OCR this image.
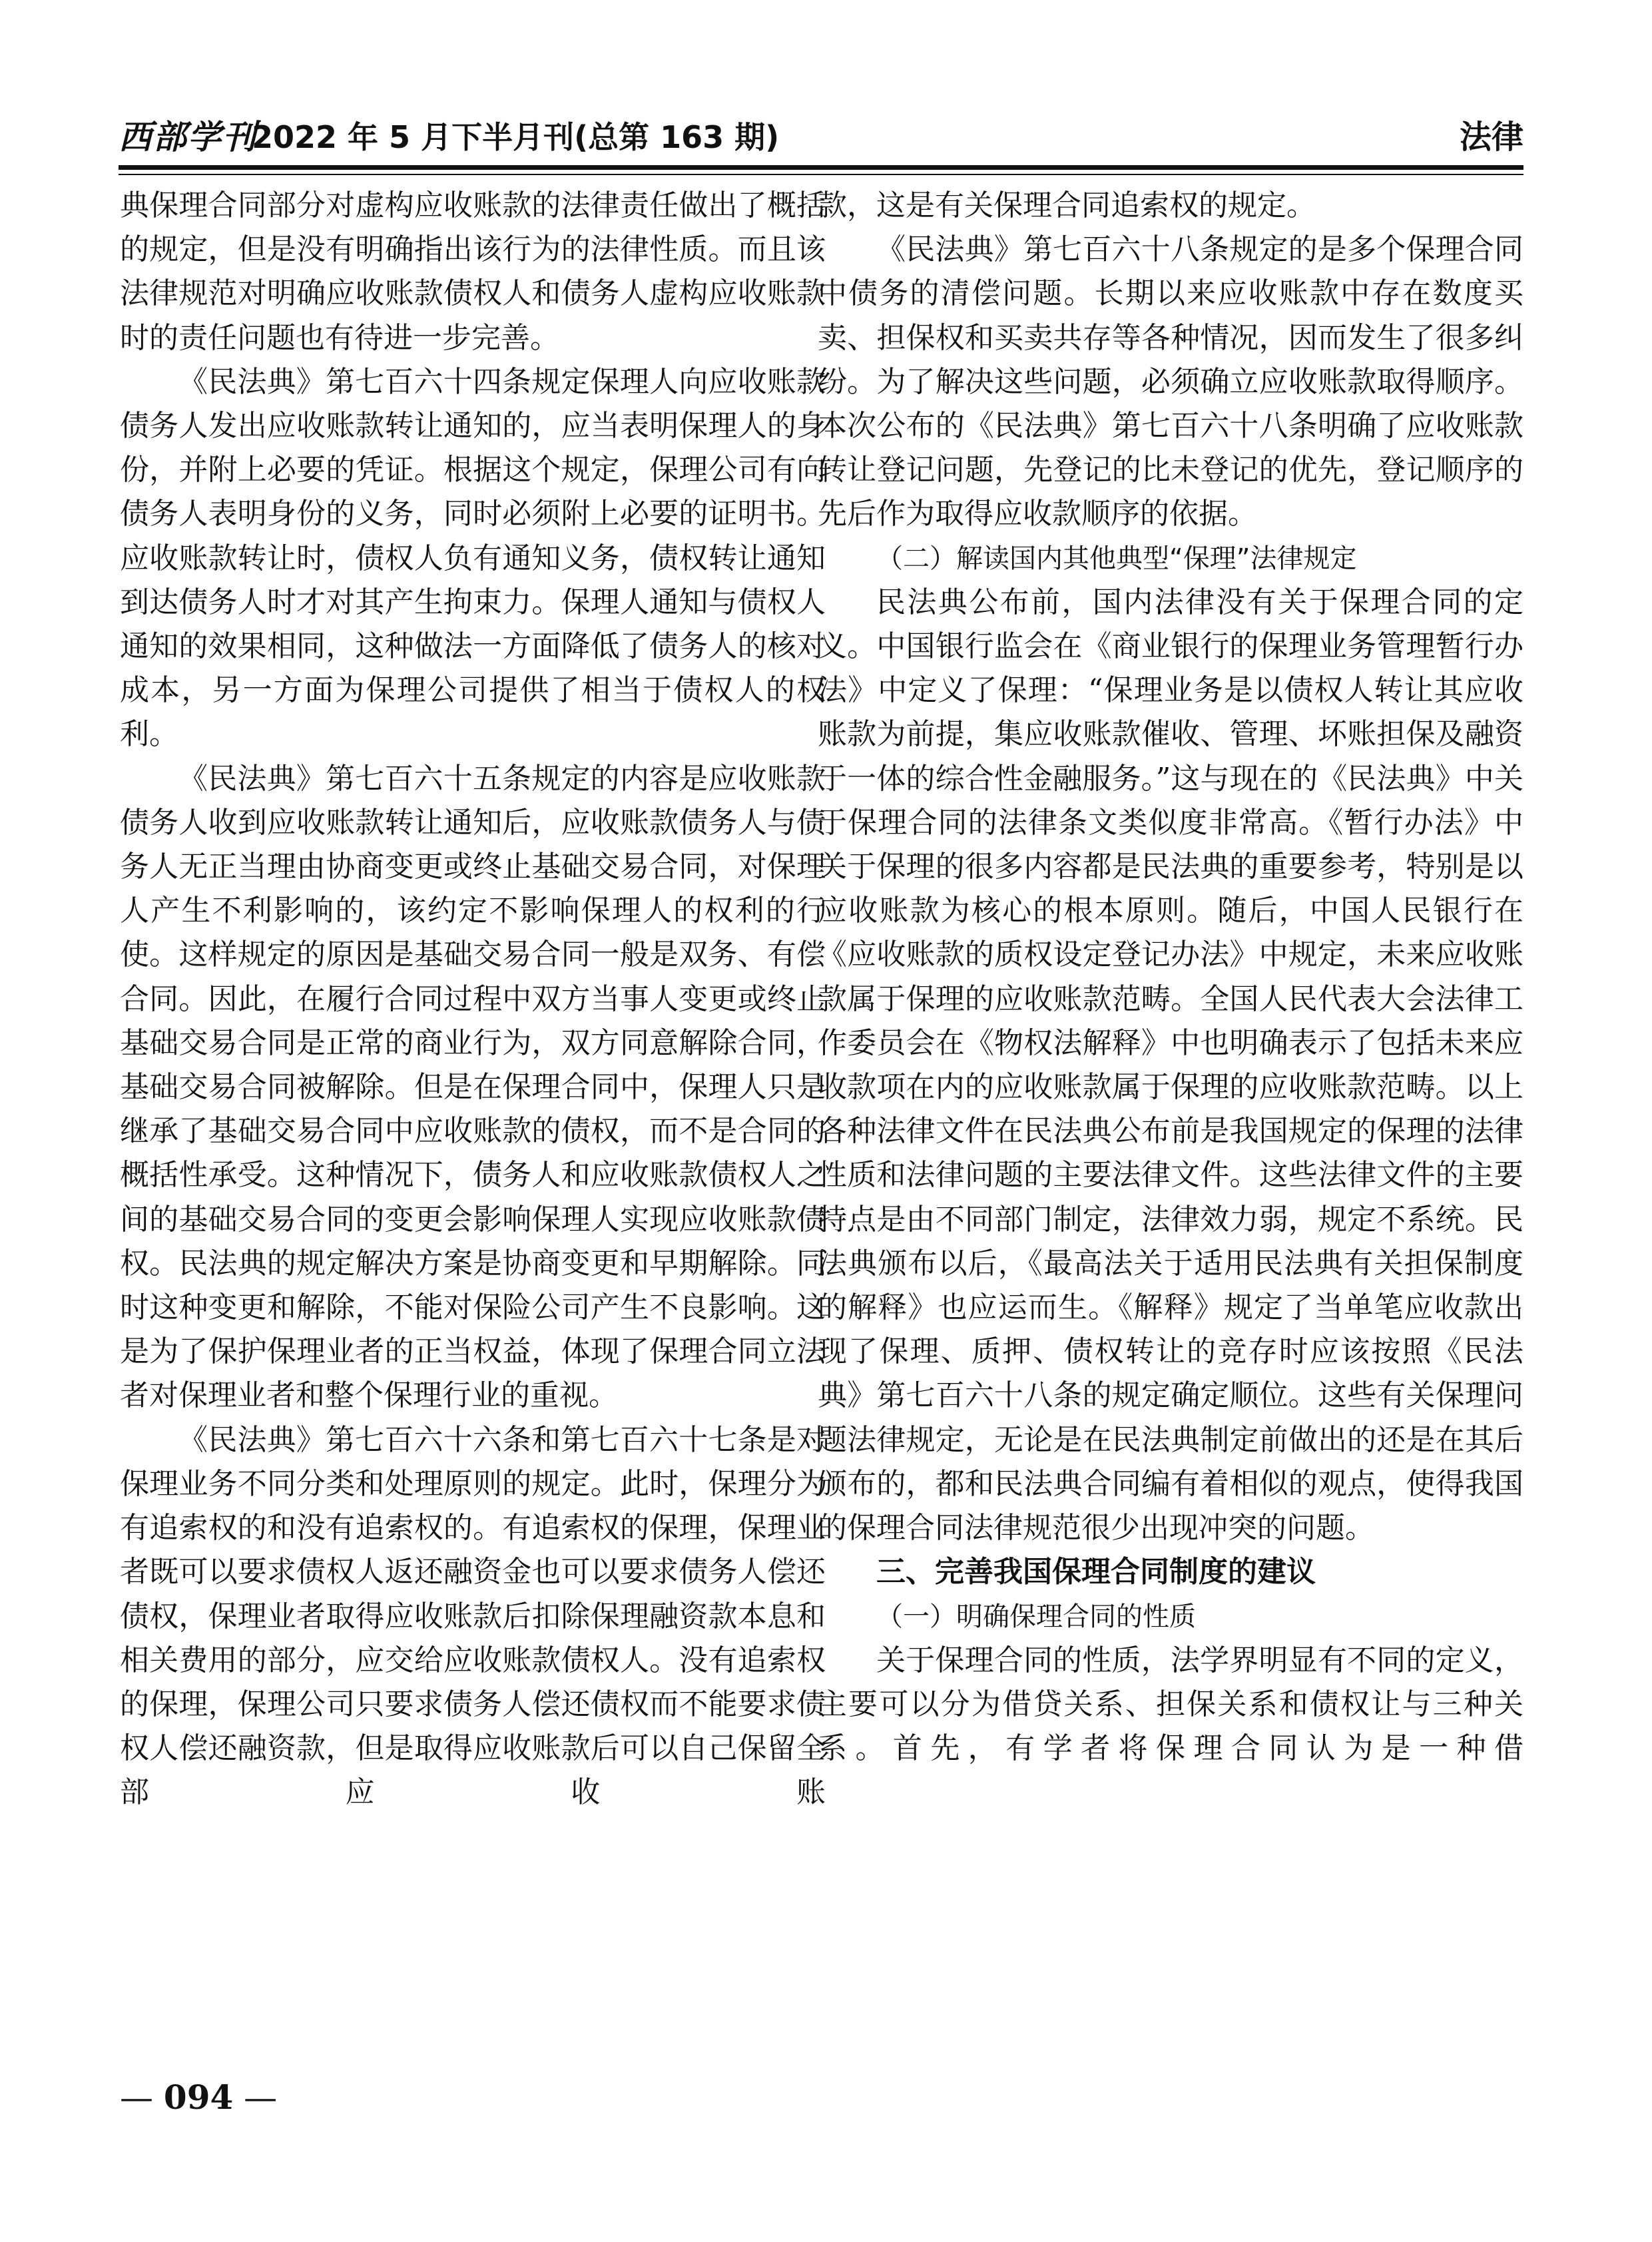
西部学刊
2022 年 5 月下半月刊(总第 163 期)	法律

典保理合同部分对虚构应收账款的法律责任做出了概括的规定，但是没有明确指出该行为的法律性质。而且该法律规范对明确应收账款债权人和债务人虚构应收账款时的责任问题也有待进一步完善。

《民法典》第七百六十四条规定保理人向应收账款债务人发出应收账款转让通知的，应当表明保理人的身份，并附上必要的凭证。根据这个规定，保理公司有向债务人表明身份的义务，同时必须附上必要的证明书。应收账款转让时，债权人负有通知义务，债权转让通知到达债务人时才对其产生拘束力。保理人通知与债权人通知的效果相同，这种做法一方面降低了债务人的核对成本，另一方面为保理公司提供了相当于债权人的权利。

《民法典》第七百六十五条规定的内容是应收账款债务人收到应收账款转让通知后，应收账款债务人与债务人无正当理由协商变更或终止基础交易合同，对保理人产生不利影响的，该约定不影响保理人的权利的行使。这样规定的原因是基础交易合同一般是双务、有偿合同。因此，在履行合同过程中双方当事人变更或终止基础交易合同是正常的商业行为，双方同意解除合同，基础交易合同被解除。但是在保理合同中，保理人只是继承了基础交易合同中应收账款的债权，而不是合同的概括性承受。这种情况下，债务人和应收账款债权人之间的基础交易合同的变更会影响保理人实现应收账款债权。民法典的规定解决方案是协商变更和早期解除。同时这种变更和解除，不能对保险公司产生不良影响。这是为了保护保理业者的正当权益，体现了保理合同立法者对保理业者和整个保理行业的重视。

《民法典》第七百六十六条和第七百六十七条是对保理业务不同分类和处理原则的规定。此时，保理分为有追索权的和没有追索权的。有追索权的保理，保理业者既可以要求债权人返还融资金也可以要求债务人偿还债权，保理业者取得应收账款后扣除保理融资款本息和相关费用的部分，应交给应收账款债权人。没有追索权的保理，保理公司只要求债务人偿还债权而不能要求债权人偿还融资款，但是取得应收账款后可以自己保留全部应收账

款，这是有关保理合同追索权的规定。

《民法典》第七百六十八条规定的是多个保理合同中债务的清偿问题。长期以来应收账款中存在数度买卖、担保权和买卖共存等各种情况，因而发生了很多纠纷。为了解决这些问题，必须确立应收账款取得顺序。本次公布的《民法典》第七百六十八条明确了应收账款转让登记问题，先登记的比未登记的优先，登记顺序的先后作为取得应收款顺序的依据。

（二）解读国内其他典型“保理”法律规定

民法典公布前，国内法律没有关于保理合同的定义。中国银行监会在《商业银行的保理业务管理暂行办法》中定义了保理：“保理业务是以债权人转让其应收账款为前提，集应收账款催收、管理、坏账担保及融资于一体的综合性金融服务。”这与现在的《民法典》中关于保理合同的法律条文类似度非常高。《暂行办法》中关于保理的很多内容都是民法典的重要参考，特别是以应收账款为核心的根本原则。随后，中国人民银行在《应收账款的质权设定登记办法》中规定，未来应收账款属于保理的应收账款范畴。全国人民代表大会法律工作委员会在《物权法解释》中也明确表示了包括未来应收款项在内的应收账款属于保理的应收账款范畴。以上各种法律文件在民法典公布前是我国规定的保理的法律性质和法律问题的主要法律文件。这些法律文件的主要特点是由不同部门制定，法律效力弱，规定不系统。民法典颁布以后，《最高法关于适用民法典有关担保制度的解释》也应运而生。《解释》规定了当单笔应收款出现了保理、质押、债权转让的竞存时应该按照《民法典》第七百六十八条的规定确定顺位。这些有关保理问题法律规定，无论是在民法典制定前做出的还是在其后颁布的，都和民法典合同编有着相似的观点，使得我国的保理合同法律规范很少出现冲突的问题。

三、完善我国保理合同制度的建议

（一）明确保理合同的性质

关于保理合同的性质，法学界明显有不同的定义，主要可以分为借贷关系、担保关系和债权让与三种关系。首先，有学者将保理合同认为是一种借

— 094 —
